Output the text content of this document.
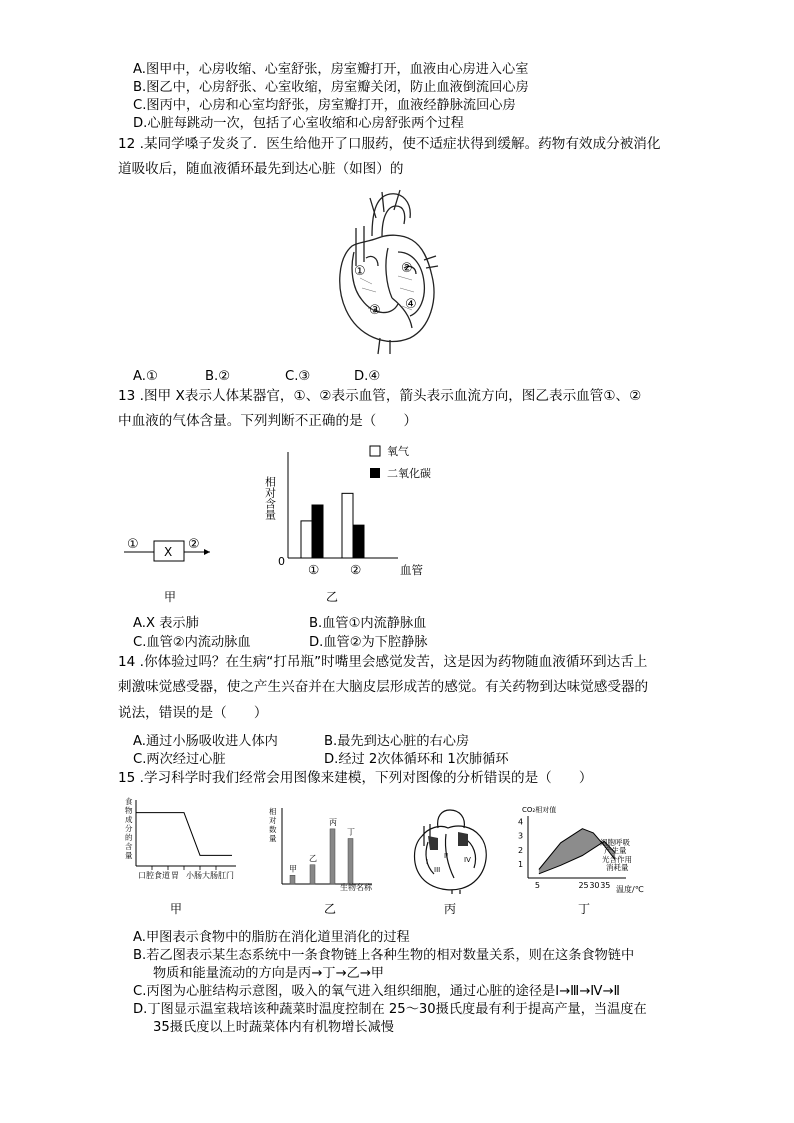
A.图甲中，心房收缩、心室舒张，房室瓣打开，血液由心房进入心室
B.图乙中，心房舒张、心室收缩，房室瓣关闭，防止血液倒流回心房
C.图丙中，心房和心室均舒张，房室瓣打开，血液经静脉流回心房
D.心脏每跳动一次，包括了心室收缩和心房舒张两个过程
12 .某同学嗓子发炎了．医生给他开了口服药，使不适症状得到缓解。药物有效成分被消化
道吸收后，随血液循环最先到达心脏（如图）的
①	②
③ ④
A.①	B.②	C.③	D.④
13 .图甲 X表示人体某器官，①、②表示血管，箭头表示血流方向，图乙表示血管①、②
中血液的气体含量。下列判断不正确的是（　　）
① X ②
甲
相对含量
0
血管
氧气
二氧化碳
① ②
乙
A.X 表示肺	B.血管①内流静脉血
C.血管②内流动脉血	D.血管②为下腔静脉
14 .你体验过吗？在生病“打吊瓶”时嘴里会感觉发苦，这是因为药物随血液循环到达舌上
刺激味觉感受器，使之产生兴奋并在大脑皮层形成苦的感觉。有关药物到达味觉感受器的
说法，错误的是（　　）
A.通过小肠吸收进人体内	B.最先到达心脏的右心房
C.两次经过心脏	D.经过 2次体循环和 1次肺循环
15 .学习科学时我们经常会用图像来建模，下列对图像的分析错误的是（　　）
食
物
成
分
的
含
量
口腔 食道 胃 小肠 大肠 肛门
甲
相
对
数
量
甲
乙
丙
丁
生物名称
乙
I
II
III
IV
丙
CO₂相对值
1
2
3
4
5	25 30 35
细胞呼吸
产生量
光合作用
消耗量
温度/℃
丁
A.甲图表示食物中的脂肪在消化道里消化的过程
B.若乙图表示某生态系统中一条食物链上各种生物的相对数量关系，则在这条食物链中
物质和能量流动的方向是丙→丁→乙→甲
C.丙图为心脏结构示意图，吸入的氧气进入组织细胞，通过心脏的途径是Ⅰ→Ⅲ→Ⅳ→Ⅱ
D.丁图显示温室栽培该种蔬菜时温度控制在 25～30摄氏度最有利于提高产量，当温度在
35摄氏度以上时蔬菜体内有机物增长减慢
